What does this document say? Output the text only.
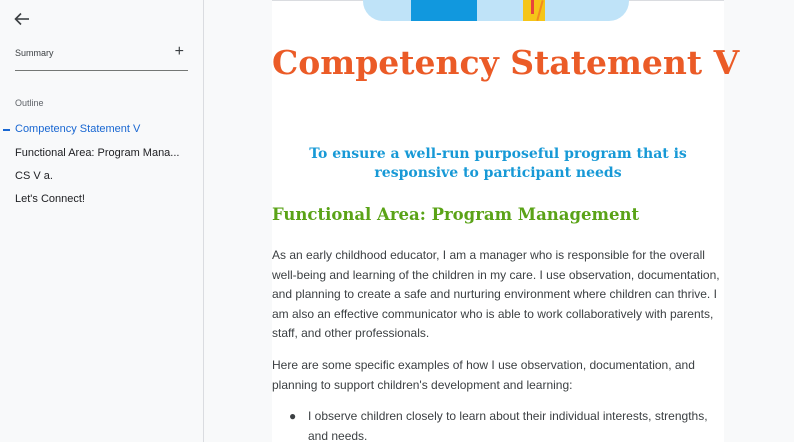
Summary	+
Outline
Competency Statement V
Functional Area: Program Mana...
CS V a.
Let's Connect!
Competency Statement V
To ensure a well-run purposeful program that is responsive to participant needs
Functional Area: Program Management

As an early childhood educator, I am a manager who is responsible for the overall well-being and learning of the children in my care. I use observation, documentation, and planning to create a safe and nurturing environment where children can thrive. I am also an effective communicator who is able to work collaboratively with parents, staff, and other professionals.

Here are some specific examples of how I use observation, documentation, and planning to support children's development and learning:

● I observe children closely to learn about their individual interests, strengths, and needs.
